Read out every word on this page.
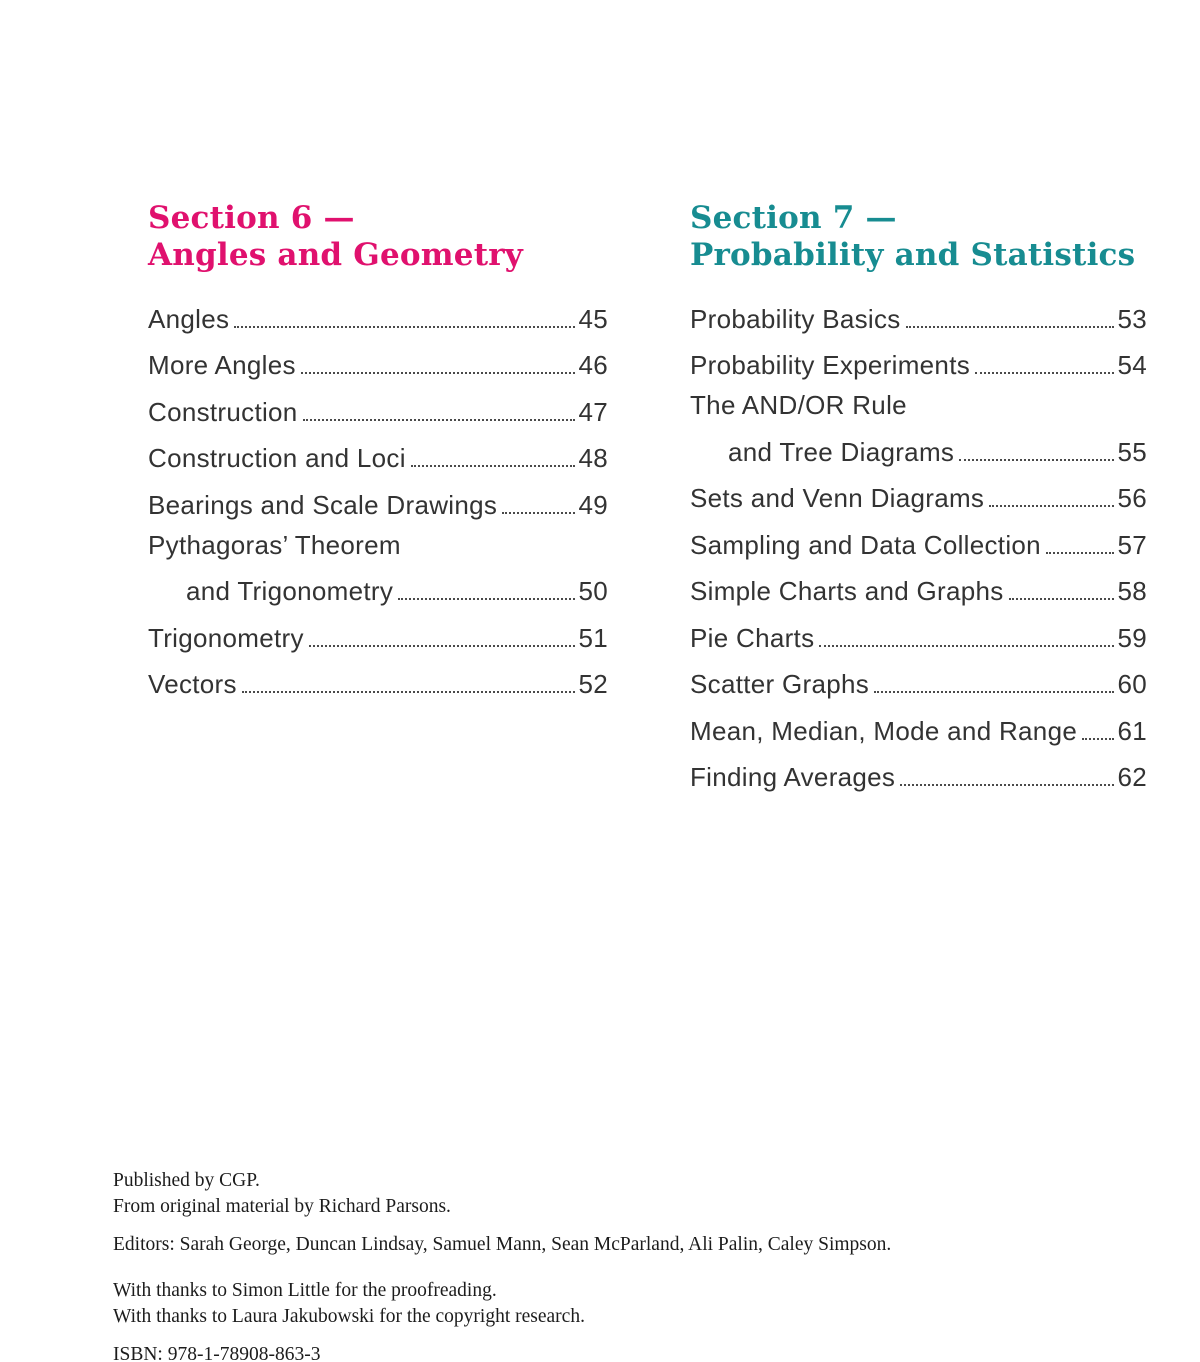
Section 6 —
Angles and Geometry
Angles	45
More Angles	46
Construction	47
Construction and Loci	48
Bearings and Scale Drawings	49
Pythagoras’ Theorem
and Trigonometry	50
Trigonometry	51
Vectors	52
Section 7 —
Probability and Statistics
Probability Basics	53
Probability Experiments	54
The AND/OR Rule
and Tree Diagrams	55
Sets and Venn Diagrams	56
Sampling and Data Collection	57
Simple Charts and Graphs	58
Pie Charts	59
Scatter Graphs	60
Mean, Median, Mode and Range 61
Finding Averages	62

Published by CGP.
From original material by Richard Parsons.

Editors: Sarah George, Duncan Lindsay, Samuel Mann, Sean McParland, Ali Palin, Caley Simpson.

With thanks to Simon Little for the proofreading.
With thanks to Laura Jakubowski for the copyright research.

ISBN: 978-1-78908-863-3
